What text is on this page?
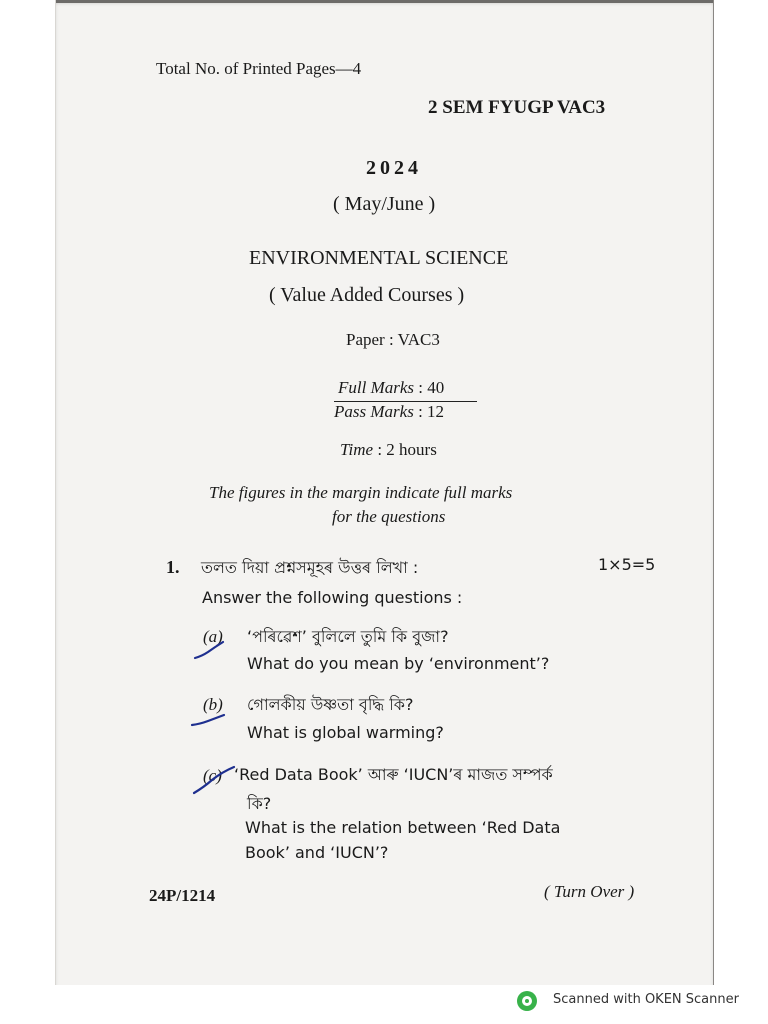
Total No. of Printed Pages—4
2 SEM FYUGP VAC3
2024
( May/June )
ENVIRONMENTAL SCIENCE
( Value Added Courses )
Paper : VAC3
Full Marks : 40
Pass Marks : 12
Time : 2 hours
The figures in the margin indicate full marks
for the questions
1. তলত দিয়া প্ৰশ্নসমূহৰ উত্তৰ লিখা :	1×5=5
Answer the following questions :
(a) ‘পৰিৱেশ’ বুলিলে তুমি কি বুজা?
What do you mean by ‘environment’?
(b) গোলকীয় উষ্ণতা বৃদ্ধি কি?
What is global warming?
(c) ‘Red Data Book’ আৰু ‘IUCN’ৰ মাজত সম্পৰ্ক
কি?
What is the relation between ‘Red Data
Book’ and ‘IUCN’?
24P/1214	( Turn Over )
Scanned with OKEN Scanner
